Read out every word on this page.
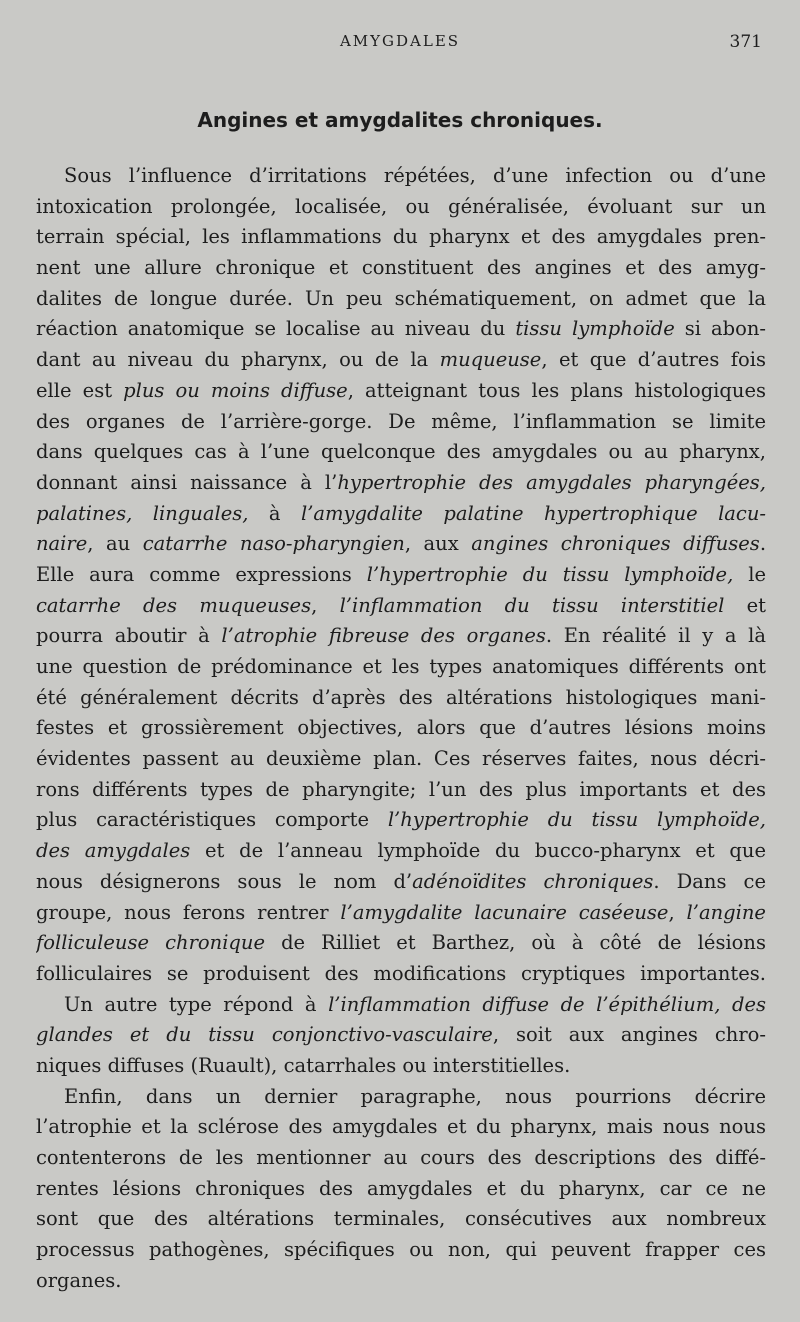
AMYGDALES	371
Angines et amygdalites chroniques.
Sous l’influence d’irritations répétées, d’une infection ou d’une
intoxication prolongée, localisée, ou généralisée, évoluant sur un
terrain spécial, les inflammations du pharynx et des amygdales pren-
nent une allure chronique et constituent des angines et des amyg-
dalites de longue durée. Un peu schématiquement, on admet que la
réaction anatomique se localise au niveau du tissu lymphoïde si abon-
dant au niveau du pharynx, ou de la muqueuse, et que d’autres fois
elle est plus ou moins diffuse, atteignant tous les plans histologiques
des organes de l’arrière-gorge. De même, l’inflammation se limite
dans quelques cas à l’une quelconque des amygdales ou au pharynx,
donnant ainsi naissance à l’hypertrophie des amygdales pharyngées,
palatines, linguales, à l’amygdalite palatine hypertrophique lacu-
naire, au catarrhe naso-pharyngien, aux angines chroniques diffuses.
Elle aura comme expressions l’hypertrophie du tissu lymphoïde, le
catarrhe des muqueuses, l’inflammation du tissu interstitiel et
pourra aboutir à l’atrophie fibreuse des organes. En réalité il y a là
une question de prédominance et les types anatomiques différents ont
été généralement décrits d’après des altérations histologiques mani-
festes et grossièrement objectives, alors que d’autres lésions moins
évidentes passent au deuxième plan. Ces réserves faites, nous décri-
rons différents types de pharyngite; l’un des plus importants et des
plus caractéristiques comporte l’hypertrophie du tissu lymphoïde,
des amygdales et de l’anneau lymphoïde du bucco-pharynx et que
nous désignerons sous le nom d’adénoïdites chroniques. Dans ce
groupe, nous ferons rentrer l’amygdalite lacunaire caséeuse, l’angine
folliculeuse chronique de Rilliet et Barthez, où à côté de lésions
folliculaires se produisent des modifications cryptiques importantes.
Un autre type répond à l’inflammation diffuse de l’épithélium, des
glandes et du tissu conjonctivo-vasculaire, soit aux angines chro-
niques diffuses (Ruault), catarrhales ou interstitielles.
Enfin, dans un dernier paragraphe, nous pourrions décrire
l’atrophie et la sclérose des amygdales et du pharynx, mais nous nous
contenterons de les mentionner au cours des descriptions des diffé-
rentes lésions chroniques des amygdales et du pharynx, car ce ne
sont que des altérations terminales, consécutives aux nombreux
processus pathogènes, spécifiques ou non, qui peuvent frapper ces
organes.
